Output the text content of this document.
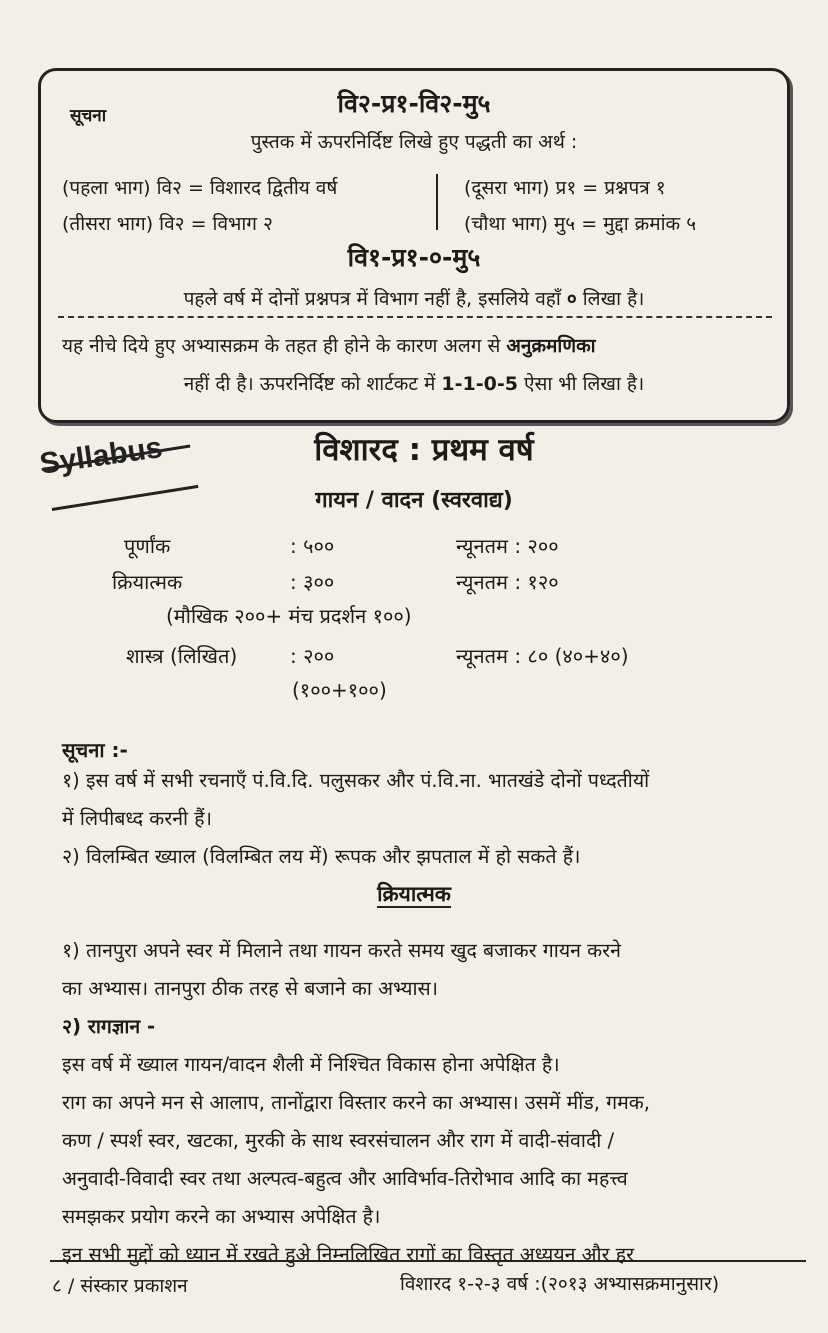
सूचना	वि२-प्र१-वि२-मु५
पुस्तक में ऊपरनिर्दिष्ट लिखे हुए पद्धती का अर्थ :
(पहला भाग) वि२ = विशारद द्वितीय वर्ष	(दूसरा भाग) प्र१ = प्रश्नपत्र १
(तीसरा भाग) वि२ = विभाग २	(चौथा भाग) मु५ = मुद्दा क्रमांक ५
वि१-प्र१-०-मु५
पहले वर्ष में दोनों प्रश्नपत्र में विभाग नहीं है, इसलिये वहाँ ० लिखा है।
यह नीचे दिये हुए अभ्यासक्रम के तहत ही होने के कारण अलग से अनुक्रमणिका
नहीं दी है। ऊपरनिर्दिष्ट को शार्टकट में 1-1-0-5 ऐसा भी लिखा है।
Syllabus	विशारद : प्रथम वर्ष
गायन / वादन (स्वरवाद्य)
पूर्णांक	: ५००	न्यूनतम : २००
क्रियात्मक	: ३००	न्यूनतम : १२०
(मौखिक २००+ मंच प्रदर्शन १००)
शास्त्र (लिखित)	: २००	न्यूनतम : ८० (४०+४०)
(१००+१००)
सूचना :-
१) इस वर्ष में सभी रचनाएँ पं.वि.दि. पलुसकर और पं.वि.ना. भातखंडे दोनों पध्दतीयों
में लिपीबध्द करनी हैं।
२) विलम्बित ख्याल (विलम्बित लय में) रूपक और झपताल में हो सकते हैं।
क्रियात्मक
१) तानपुरा अपने स्वर में मिलाने तथा गायन करते समय खुद बजाकर गायन करने
का अभ्यास। तानपुरा ठीक तरह से बजाने का अभ्यास।
२) रागज्ञान -
इस वर्ष में ख्याल गायन/वादन शैली में निश्चित विकास होना अपेक्षित है।
राग का अपने मन से आलाप, तानोंद्वारा विस्तार करने का अभ्यास। उसमें मींड, गमक,
कण / स्पर्श स्वर, खटका, मुरकी के साथ स्वरसंचालन और राग में वादी-संवादी /
अनुवादी-विवादी स्वर तथा अल्पत्व-बहुत्व और आविर्भाव-तिरोभाव आदि का महत्त्व
समझकर प्रयोग करने का अभ्यास अपेक्षित है।
इन सभी मुद्दों को ध्यान में रखते हुअे निम्नलिखित रागों का विस्तृत अध्ययन और हर
८ / संस्कार प्रकाशन	विशारद १-२-३ वर्ष :(२०१३ अभ्यासक्रमानुसार)
